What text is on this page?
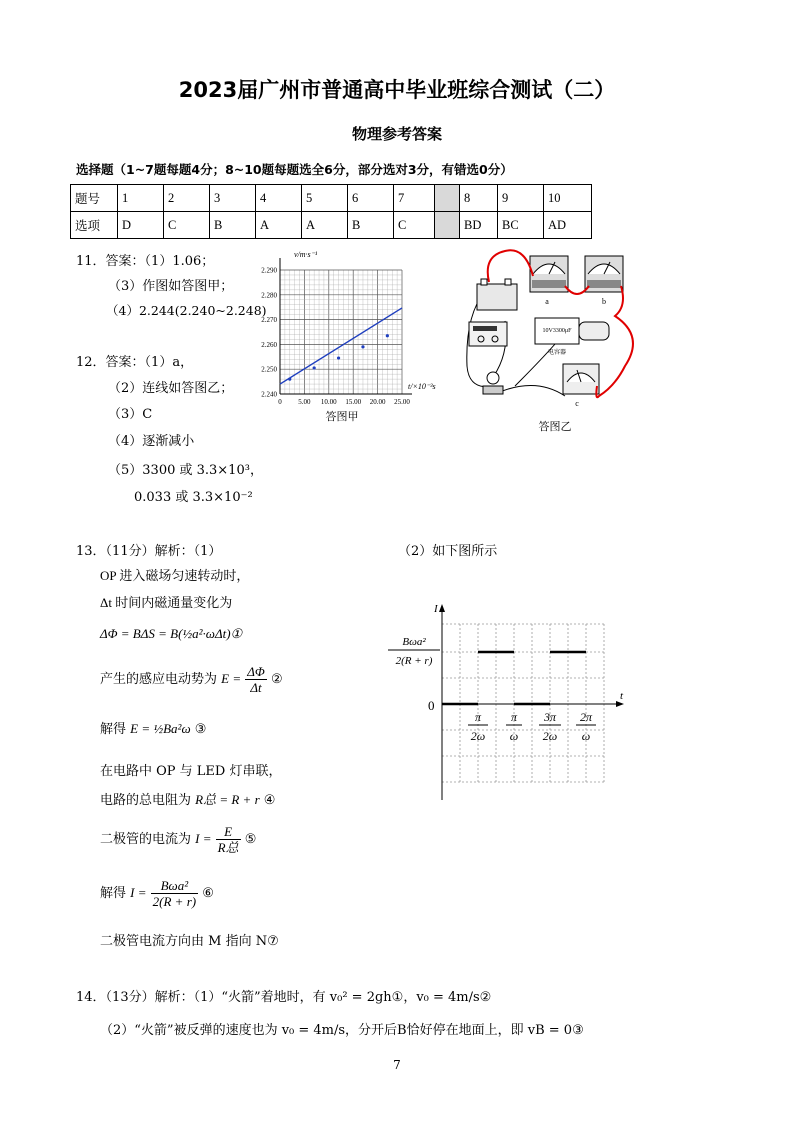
2023届广州市普通高中毕业班综合测试（二）
物理参考答案
选择题（1~7题每题4分；8~10题每题选全6分，部分选对3分，有错选0分）
题号	1	2	3	4	5	6	7		8	9	10
选项	D	C	B	A	A	B	C		BD	BC	AD
11．答案：（1）1.06；
（3）作图如答图甲；
（4）2.244(2.240~2.248)
12．答案：（1）a，
（2）连线如答图乙；
（3）C
（4）逐渐减小
（5）3300 或 3.3×10³，
0.033 或 3.3×10⁻²
0 5.00 10.00 15.00 20.00 25.00
2.240
2.250
2.260
2.270
2.280
2.290
v/m·s⁻¹
t/×10⁻³s
答图甲
a	b
10V3300μF
电容器
c
答图乙
13．（11分）解析：（1）	（2）如下图所示
OP 进入磁场匀速转动时，
Δt 时间内磁通量变化为
ΔΦ = BΔS = B(½a²·ωΔt)①
产生的感应电动势为 $E = \frac{\Delta\Phi}{\Delta t}$ ②
解得 E = ½Ba²ω ③
在电路中 OP 与 LED 灯串联，
电路的总电阻为 R总 = R + r ④
二极管的电流为 $I = \frac{E}{\text{R总}}$ ⑤
解得 $I = \frac{\text{Bωa²}}{2(R + r)}$ ⑥
二极管电流方向由 M 指向 N⑦
I
t
0
Bωa²
2(R + r)
π
2ω
π
ω
3π
2ω
2π
ω
14．（13分）解析：（1）“火箭”着地时，有 v₀² = 2gh①，v₀ = 4m/s②
（2）“火箭”被反弹的速度也为 v₀ = 4m/s，分开后B恰好停在地面上，即 vB = 0③
7
